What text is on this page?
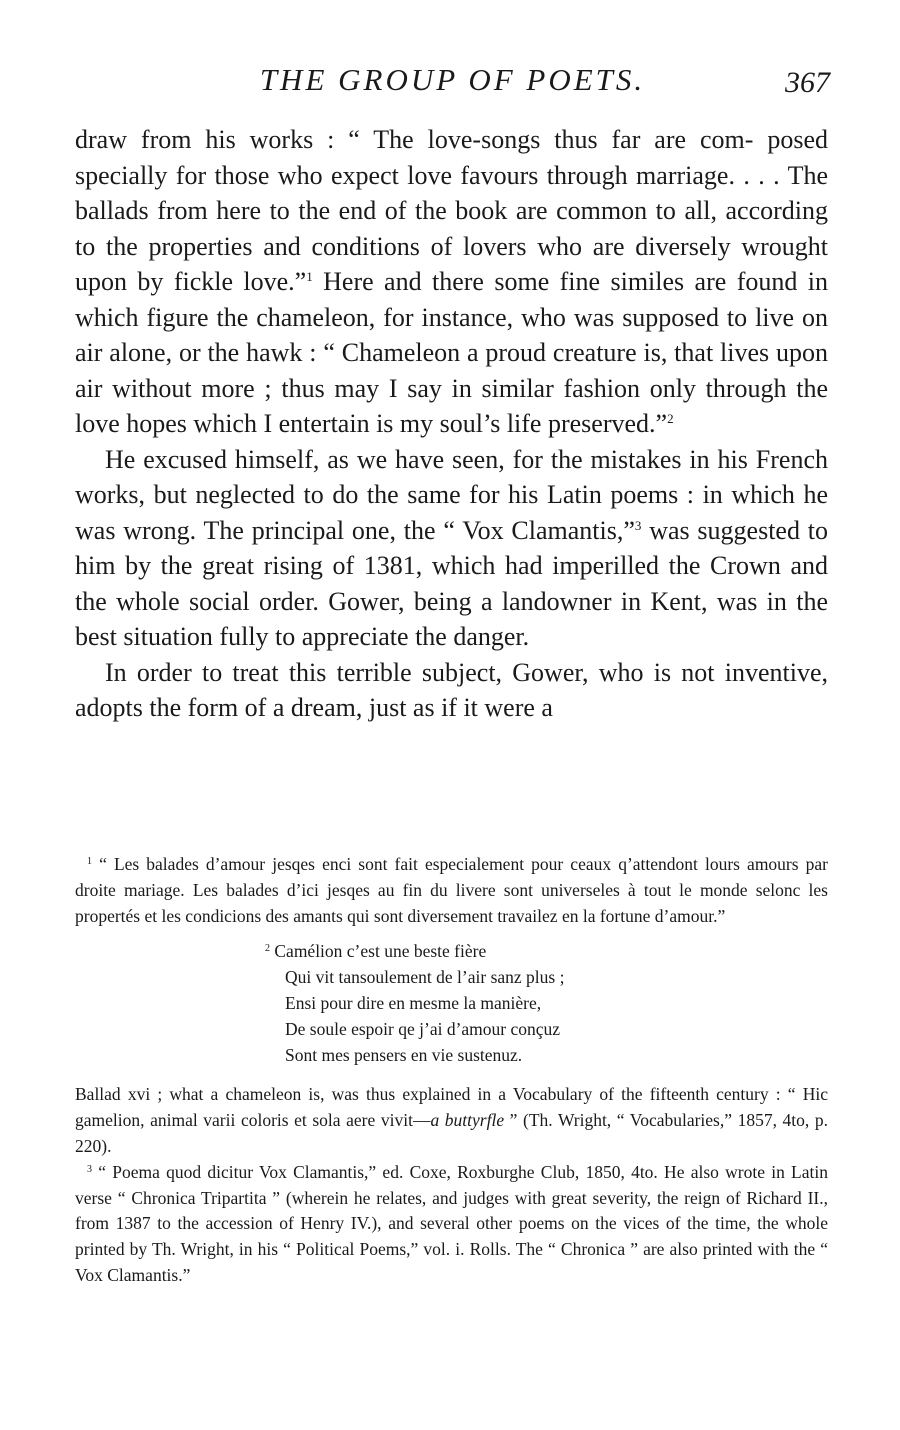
THE GROUP OF POETS.	367

draw from his works : “ The love-songs thus far are com- posed specially for those who expect love favours through marriage. . . . The ballads from here to the end of the book are common to all, according to the properties and conditions of lovers who are diversely wrought upon by fickle love.”$^1$ Here and there some fine similes are found in which figure the chameleon, for instance, who was supposed to live on air alone, or the hawk : “ Chameleon a proud creature is, that lives upon air without more ; thus may I say in similar fashion only through the love hopes which I entertain is my soul’s life preserved.”$^2$

He excused himself, as we have seen, for the mistakes in his French works, but neglected to do the same for his Latin poems : in which he was wrong. The principal one, the “ Vox Clamantis,”$^3$ was suggested to him by the great rising of 1381, which had imperilled the Crown and the whole social order. Gower, being a landowner in Kent, was in the best situation fully to appreciate the danger.

In order to treat this terrible subject, Gower, who is not inventive, adopts the form of a dream, just as if it were a

$^1$ “ Les balades d’amour jesqes enci sont fait especialement pour ceaux q’attendont lours amours par droite mariage. Les balades d’ici jesqes au fin du livere sont universeles à tout le monde selonc les propertés et les condicions des amants qui sont diversement travailez en la fortune d’amour.”

$^2$ Camélion c’est une beste fière
Qui vit tansoulement de l’air sanz plus ;
Ensi pour dire en mesme la manière,
De soule espoir qe j’ai d’amour conçuz
Sont mes pensers en vie sustenuz.

Ballad xvi ; what a chameleon is, was thus explained in a Vocabulary of the fifteenth century : “ Hic gamelion, animal varii coloris et sola aere vivit—a buttyrfle ” (Th. Wright, “ Vocabularies,” 1857, 4to, p. 220).

$^3$ “ Poema quod dicitur Vox Clamantis,” ed. Coxe, Roxburghe Club, 1850, 4to. He also wrote in Latin verse “ Chronica Tripartita ” (wherein he relates, and judges with great severity, the reign of Richard II., from 1387 to the accession of Henry IV.), and several other poems on the vices of the time, the whole printed by Th. Wright, in his “ Political Poems,” vol. i. Rolls. The “ Chronica ” are also printed with the “ Vox Clamantis.”
